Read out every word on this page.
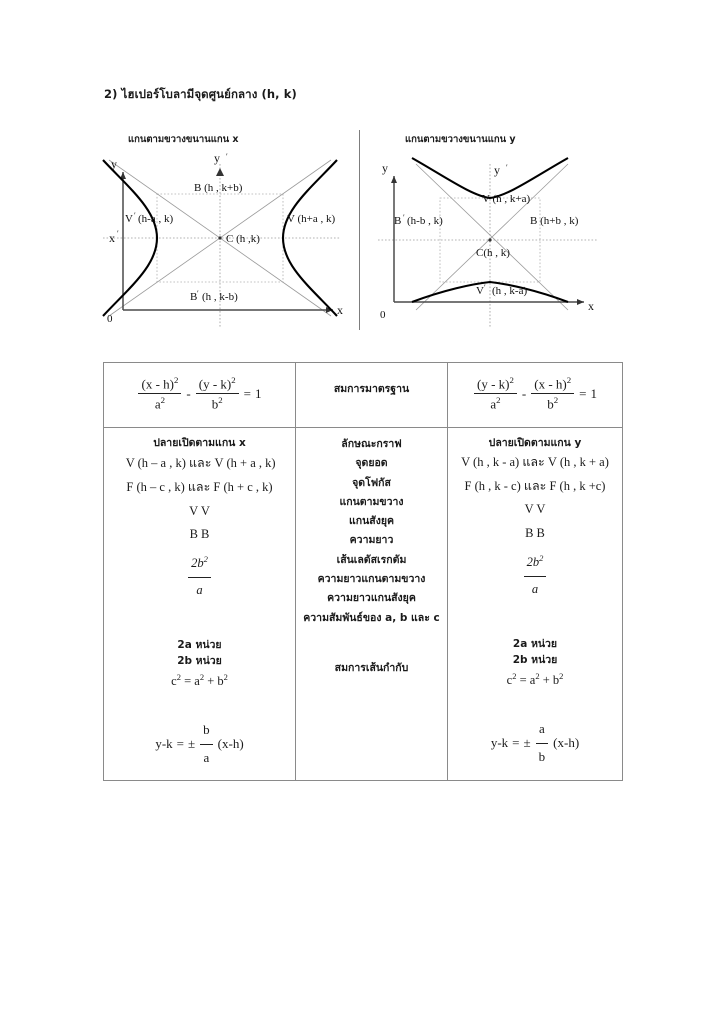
2) ไฮเปอร์โบลามีจุดศูนย์กลาง (h, k)
แกนตามขวางขนานแกน x	แกนตามขวางขนานแกน y
y
x
y ′
x ′
0
B (h , k+b)
B ′ (h , k-b)
V ′ (h-a , k)	V (h+a , k)
C (h ,k)
y
x
y ′
0
V (h , k+a)
V ′ (h , k-a)
B ′ (h-b , k)	B (h+b , k)
C(h , k)
$\frac{(x - h)^2}{a^2} - \frac{(y - k)^2}{b^2} = 1$	สมการมาตรฐาน	$\frac{(y - k)^2}{a^2} - \frac{(x - h)^2}{b^2} = 1$

ปลายเปิดตามแกน x
V (h – a , k) และ V (h + a , k)
F (h – c , k) และ F (h + c , k)
V V
B B
$\frac{2b^2}{a}$
2a หน่วย
2b หน่วย
$c^2 = a^2 + b^2$
y-k = ± $\frac{b}{a} (x-h)$

ลักษณะกราฟ
จุดยอด
จุดโฟกัส
แกนตามขวาง
แกนสังยุค
ความยาว
เส้นเลตัสเรกตัม
ความยาวแกนตามขวาง
ความยาวแกนสังยุค
ความสัมพันธ์ของ a, b และ c
สมการเส้นกำกับ

ปลายเปิดตามแกน y
V (h , k - a) และ V (h , k + a)
F (h , k - c) และ F (h , k +c)
V V
B B
$\frac{2b^2}{a}$
2a หน่วย
2b หน่วย
$c^2 = a^2 + b^2$
y-k = ± $\frac{a}{b} (x-h)$
